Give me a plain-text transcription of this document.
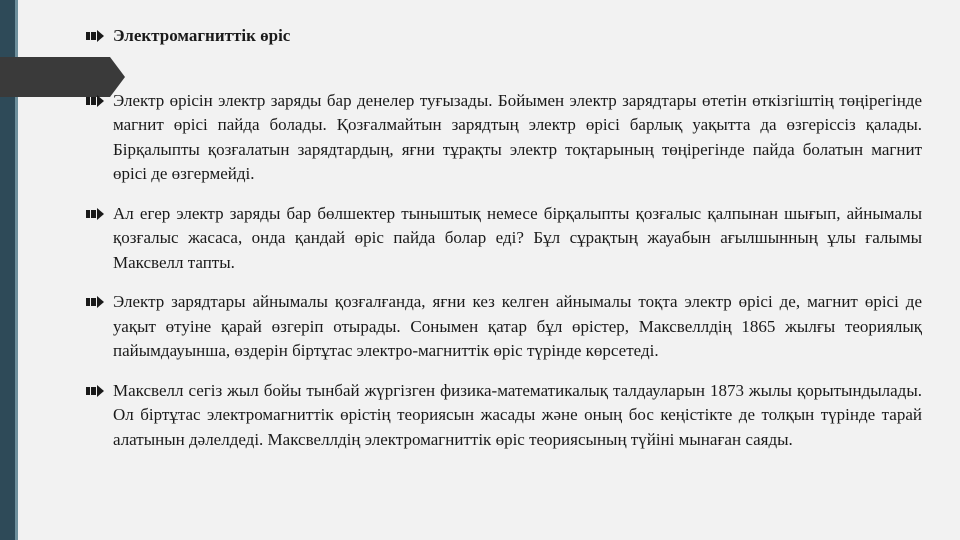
Электромагниттік өріс
Электр өрісін электр заряды бар денелер туғызады. Бойымен электр зарядтары өтетін өткізгіштің төңірегінде магнит өрісі пайда болады. Қозғалмайтын зарядтың электр өрісі барлық уақытта да өзгеріссіз қалады. Бірқалыпты қозғалатын зарядтардың, яғни тұрақты электр тоқтарының төңірегінде пайда болатын магнит өрісі де өзгермейді.
Ал егер электр заряды бар бөлшектер тыныштық немесе бірқалыпты қозғалыс қалпынан шығып, айнымалы қозғалыс жасаса, онда қандай өріс пайда болар еді? Бұл сұрақтың жауабын ағылшынның ұлы ғалымы Максвелл тапты.
Электр зарядтары айнымалы қозғалғанда, яғни кез келген айнымалы тоқта электр өрісі де, магнит өрісі де уақыт өтуіне қарай өзгеріп отырады. Сонымен қатар бұл өрістер, Максвеллдің 1865 жылғы теориялық пайымдауынша, өздерін біртұтас электро-магниттік өріс түрінде көрсетеді.
Максвелл сегіз жыл бойы тынбай жүргізген физика-математикалық талдауларын 1873 жылы қорытындылады. Ол біртұтас электромагниттік өрістің теориясын жасады және оның бос кеңістікте де толқын түрінде тарай алатынын дәлелдеді. Максвеллдің электромагниттік өріс теориясының түйіні мынаған саяды.
